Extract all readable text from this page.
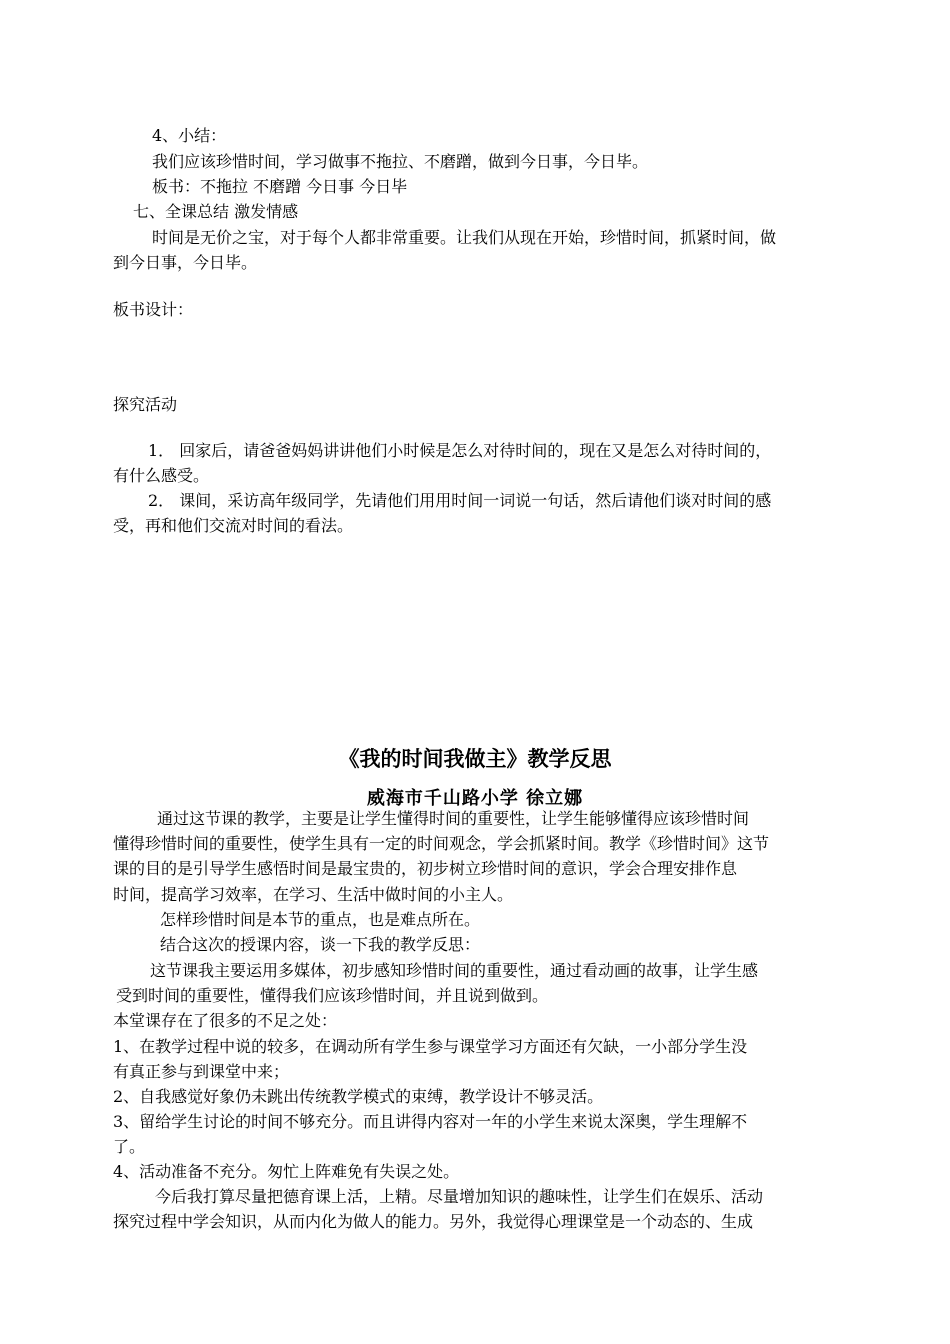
4、小结：
我们应该珍惜时间，学习做事不拖拉、不磨蹭，做到今日事，今日毕。
板书：不拖拉 不磨蹭 今日事 今日毕
七、全课总结 激发情感
时间是无价之宝，对于每个人都非常重要。让我们从现在开始，珍惜时间，抓紧时间，做
到今日事，今日毕。
板书设计：
探究活动
1． 回家后，请爸爸妈妈讲讲他们小时候是怎么对待时间的，现在又是怎么对待时间的，
有什么感受。
2． 课间，采访高年级同学，先请他们用用时间一词说一句话，然后请他们谈对时间的感
受，再和他们交流对时间的看法。
《我的时间我做主》教学反思
威海市千山路小学 徐立娜
通过这节课的教学，主要是让学生懂得时间的重要性，让学生能够懂得应该珍惜时间
懂得珍惜时间的重要性，使学生具有一定的时间观念，学会抓紧时间。教学《珍惜时间》这节
课的目的是引导学生感悟时间是最宝贵的，初步树立珍惜时间的意识，学会合理安排作息
时间，提高学习效率，在学习、生活中做时间的小主人。
怎样珍惜时间是本节的重点，也是难点所在。
结合这次的授课内容，谈一下我的教学反思：
这节课我主要运用多媒体，初步感知珍惜时间的重要性，通过看动画的故事，让学生感
受到时间的重要性，懂得我们应该珍惜时间，并且说到做到。
本堂课存在了很多的不足之处：
1、在教学过程中说的较多，在调动所有学生参与课堂学习方面还有欠缺，一小部分学生没
有真正参与到课堂中来；
2、自我感觉好象仍未跳出传统教学模式的束缚，教学设计不够灵活。
3、留给学生讨论的时间不够充分。而且讲得内容对一年的小学生来说太深奥，学生理解不
了。
4、活动准备不充分。匆忙上阵难免有失误之处。
今后我打算尽量把德育课上活，上精。尽量增加知识的趣味性，让学生们在娱乐、活动
探究过程中学会知识，从而内化为做人的能力。另外，我觉得心理课堂是一个动态的、生成
